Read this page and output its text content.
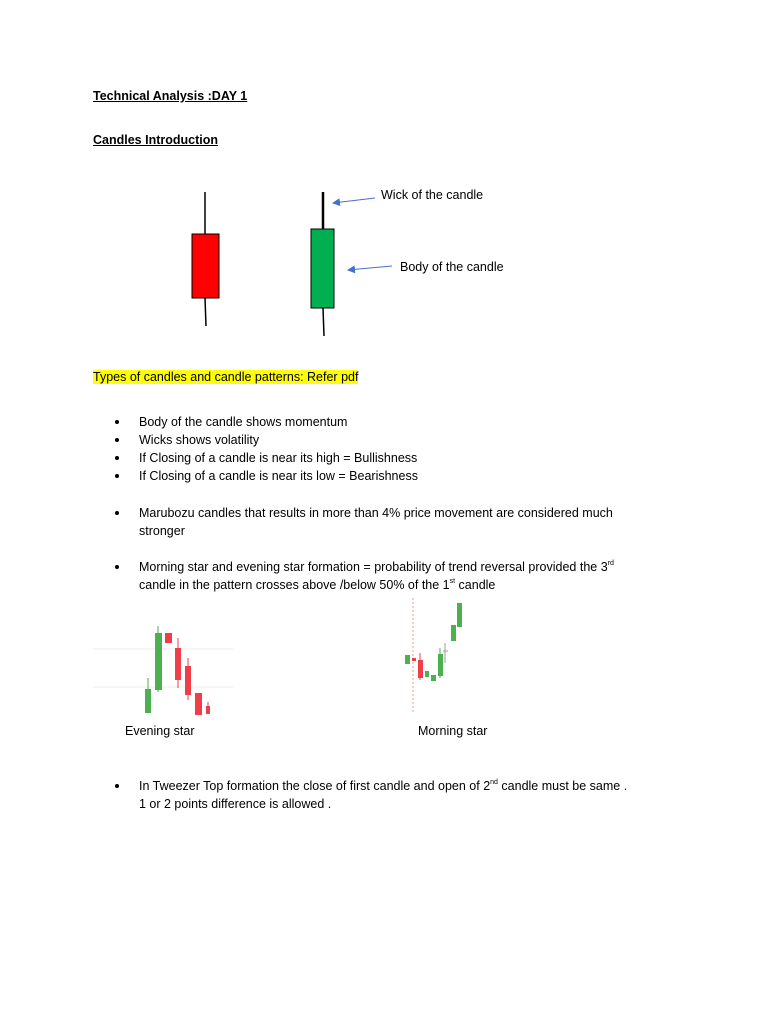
Technical Analysis :DAY 1
Candles Introduction
Wick of the candle
Body of the candle
Types of candles and candle patterns: Refer pdf
Body of the candle shows momentum
Wicks shows volatility
If Closing of a candle is near its high = Bullishness
If Closing of a candle is near its low = Bearishness
Marubozu candles that results in more than 4% price movement are considered much
stronger
Morning star and evening star formation = probability of trend reversal provided the 3rd
candle in the pattern crosses above /below 50% of the 1st candle
Evening star	Morning star
In Tweezer Top formation the close of first candle and open of 2nd candle must be same .
1 or 2 points difference is allowed .
